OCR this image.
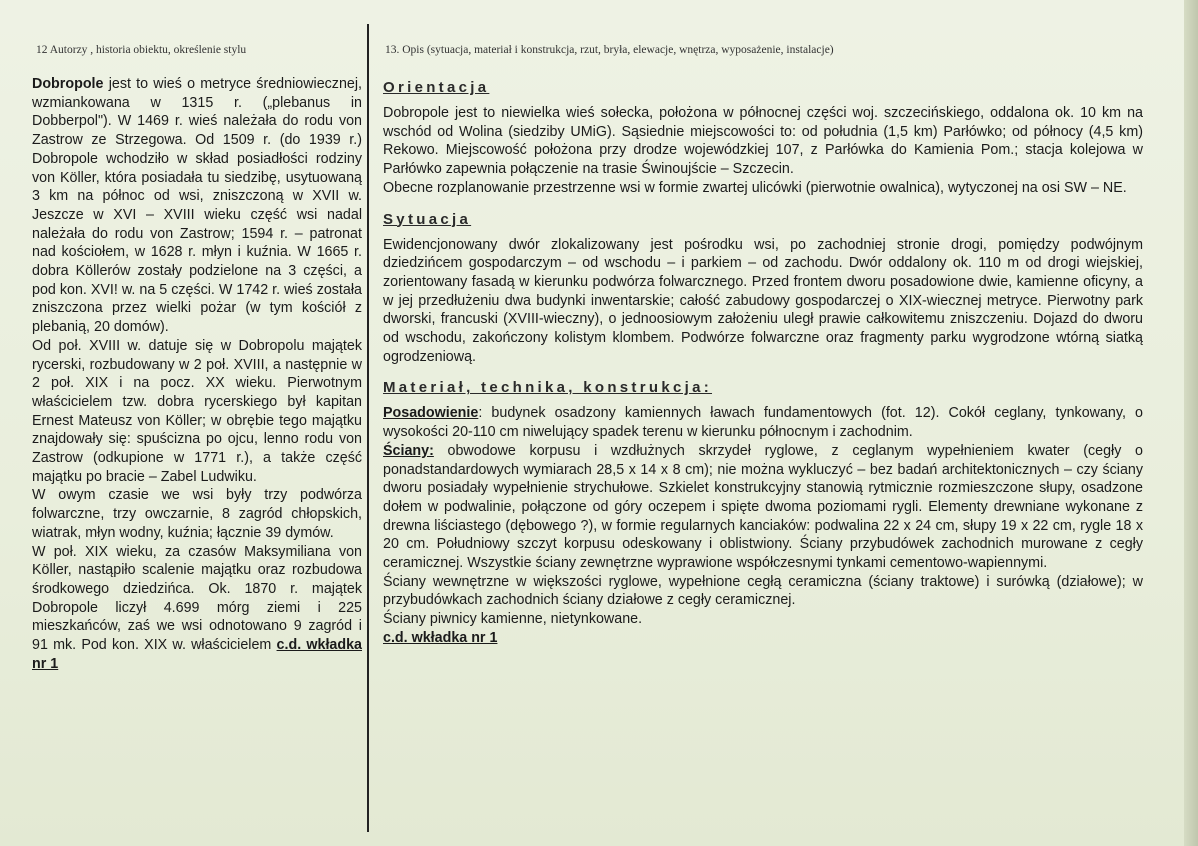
12 Autorzy , historia obiektu, określenie stylu	13. Opis (sytuacja, materiał i konstrukcja, rzut, bryła, elewacje, wnętrza, wyposażenie, instalacje)

Dobropole jest to wieś o metryce średniowiecznej, wzmiankowana w 1315 r. („plebanus in Dobberpol"). W 1469 r. wieś należała do rodu von Zastrow ze Strzegowa. Od 1509 r. (do 1939 r.) Dobropole wchodziło w skład posiadłości rodziny von Köller, która posiadała tu siedzibę, usytuowaną 3 km na północ od wsi, zniszczoną w XVII w. Jeszcze w XVI – XVIII wieku część wsi nadal należała do rodu von Zastrow; 1594 r. – patronat nad kościołem, w 1628 r. młyn i kuźnia. W 1665 r. dobra Köllerów zostały podzielone na 3 części, a pod kon. XVI! w. na 5 części. W 1742 r. wieś została zniszczona przez wielki pożar (w tym kościół z plebanią, 20 domów).

Od poł. XVIII w. datuje się w Dobropolu majątek rycerski, rozbudowany w 2 poł. XVIII, a następnie w 2 poł. XIX i na pocz. XX wieku. Pierwotnym właścicielem tzw. dobra rycerskiego był kapitan Ernest Mateusz von Köller; w obrębie tego majątku znajdowały się: spuścizna po ojcu, lenno rodu von Zastrow (odkupione w 1771 r.), a także część majątku po bracie – Zabel Ludwiku.

W owym czasie we wsi były trzy podwórza folwarczne, trzy owczarnie, 8 zagród chłopskich, wiatrak, młyn wodny, kuźnia; łącznie 39 dymów.

W poł. XIX wieku, za czasów Maksymiliana von Köller, nastąpiło scalenie majątku oraz rozbudowa środkowego dziedzińca. Ok. 1870 r. majątek Dobropole liczył 4.699 mórg ziemi i 225 mieszkańców, zaś we wsi odnotowano 9 zagród i 91 mk. Pod kon. XIX w. właścicielem c.d. wkładka nr 1

Orientacja

Dobropole jest to niewielka wieś sołecka, położona w północnej części woj. szczecińskiego, oddalona ok. 10 km na wschód od Wolina (siedziby UMiG). Sąsiednie miejscowości to: od południa (1,5 km) Parłówko; od północy (4,5 km) Rekowo. Miejscowość położona przy drodze wojewódzkiej 107, z Parłówka do Kamienia Pom.; stacja kolejowa w Parłówko zapewnia połączenie na trasie Świnoujście – Szczecin.

Obecne rozplanowanie przestrzenne wsi w formie zwartej ulicówki (pierwotnie owalnica), wytyczonej na osi SW – NE.

Sytuacja

Ewidencjonowany dwór zlokalizowany jest pośrodku wsi, po zachodniej stronie drogi, pomiędzy podwójnym dziedzińcem gospodarczym – od wschodu – i parkiem – od zachodu. Dwór oddalony ok. 110 m od drogi wiejskiej, zorientowany fasadą w kierunku podwórza folwarcznego. Przed frontem dworu posadowione dwie, kamienne oficyny, a w jej przedłużeniu dwa budynki inwentarskie; całość zabudowy gospodarczej o XIX-wiecznej metryce. Pierwotny park dworski, francuski (XVIII-wieczny), o jednoosiowym założeniu uległ prawie całkowitemu zniszczeniu. Dojazd do dworu od wschodu, zakończony kolistym klombem. Podwórze folwarczne oraz fragmenty parku wygrodzone wtórną siatką ogrodzeniową.

Materiał, technika, konstrukcja:

Posadowienie: budynek osadzony kamiennych ławach fundamentowych (fot. 12). Cokół ceglany, tynkowany, o wysokości 20-110 cm niwelujący spadek terenu w kierunku północnym i zachodnim.

Ściany: obwodowe korpusu i wzdłużnych skrzydeł ryglowe, z ceglanym wypełnieniem kwater (cegły o ponadstandardowych wymiarach 28,5 x 14 x 8 cm); nie można wykluczyć – bez badań architektonicznych – czy ściany dworu posiadały wypełnienie strychułowe. Szkielet konstrukcyjny stanowią rytmicznie rozmieszczone słupy, osadzone dołem w podwalinie, połączone od góry oczepem i spięte dwoma poziomami rygli. Elementy drewniane wykonane z drewna liściastego (dębowego ?), w formie regularnych kanciaków: podwalina 22 x 24 cm, słupy 19 x 22 cm, rygle 18 x 20 cm. Południowy szczyt korpusu odeskowany i oblistwiony. Ściany przybudówek zachodnich murowane z cegły ceramicznej. Wszystkie ściany zewnętrzne wyprawione współczesnymi tynkami cementowo-wapiennymi.

Ściany wewnętrzne w większości ryglowe, wypełnione cegłą ceramiczna (ściany traktowe) i surówką (działowe); w przybudówkach zachodnich ściany działowe z cegły ceramicznej.

Ściany piwnicy kamienne, nietynkowane.

c.d. wkładka nr 1
